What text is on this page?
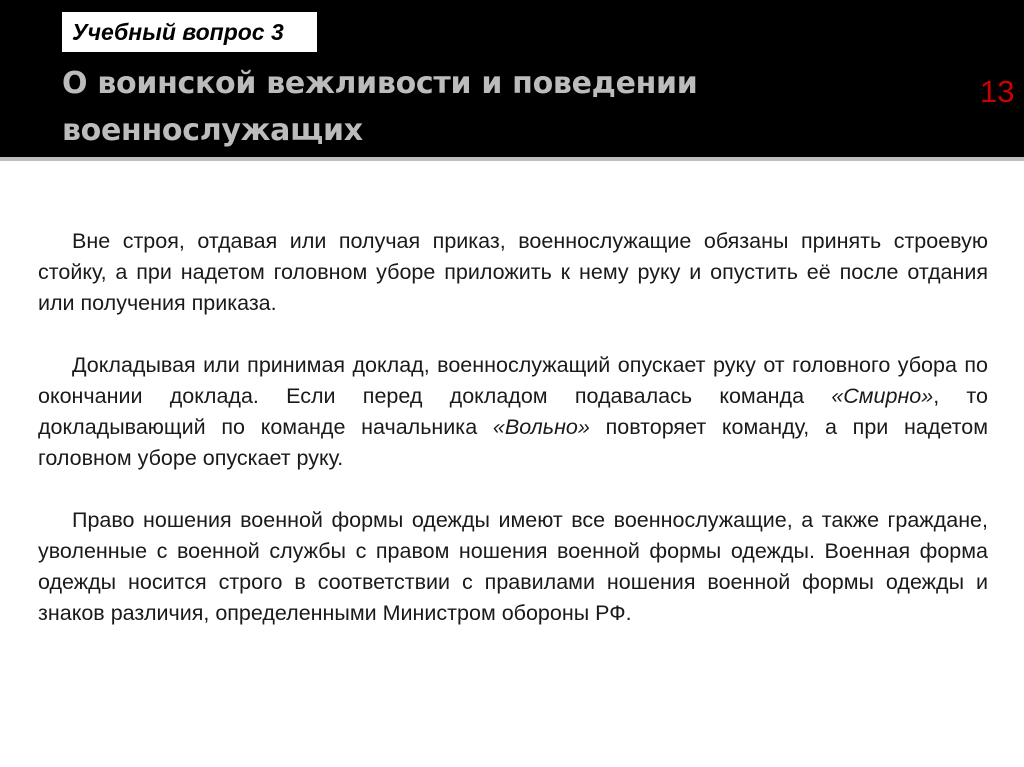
Учебный вопрос 3
О воинской вежливости и поведении
военнослужащих
13

Вне строя, отдавая или получая приказ, военнослужащие обязаны принять строевую стойку, а при надетом головном уборе приложить к нему руку и опустить её после отдания или получения приказа.

Докладывая или принимая доклад, военнослужащий опускает руку от головного убора по окончании доклада. Если перед докладом подавалась команда «Смирно», то докладывающий по команде начальника «Вольно» повторяет команду, а при надетом головном уборе опускает руку.

Право ношения военной формы одежды имеют все военнослужащие, а также граждане, уволенные с военной службы с правом ношения военной формы одежды. Военная форма одежды носится строго в соответствии с правилами ношения военной формы одежды и знаков различия, определенными Министром обороны РФ.
